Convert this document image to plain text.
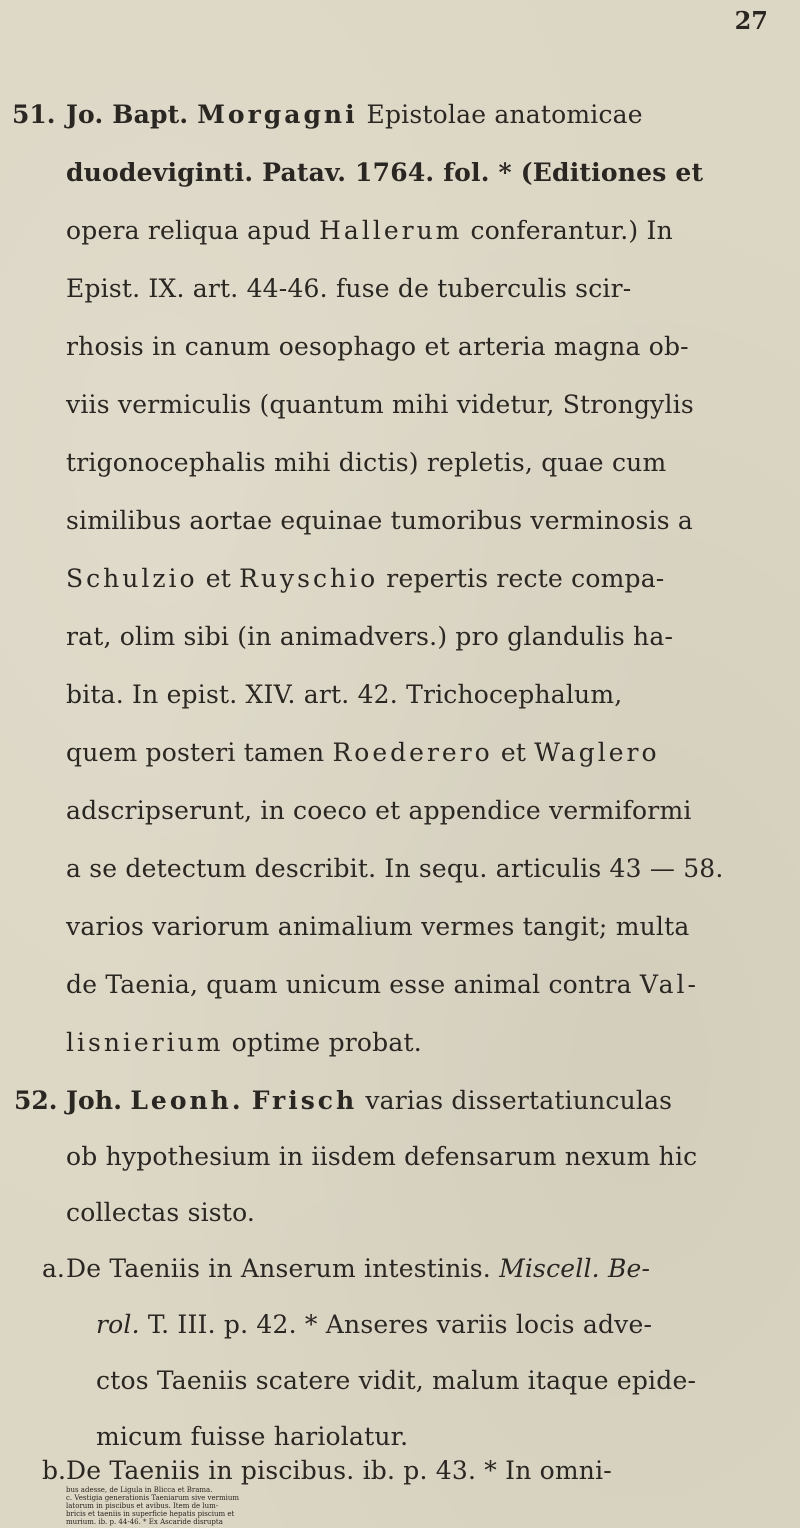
27
51. Jo. Bapt. Morgagni Epistolae anatomicae
duodeviginti. Patav. 1764. fol. * (Editiones et
opera reliqua apud Hallerum conferantur.) In
Epist. IX. art. 44-46. fuse de tuberculis scir-
rhosis in canum oesophago et arteria magna ob-
viis vermiculis (quantum mihi videtur, Strongylis
trigonocephalis mihi dictis) repletis, quae cum
similibus aortae equinae tumoribus verminosis a
Schulzio et Ruyschio repertis recte compa-
rat, olim sibi (in animadvers.) pro glandulis ha-
bita. In epist. XIV. art. 42. Trichocephalum,
quem posteri tamen Roederero et Waglero
adscripserunt, in coeco et appendice vermiformi
a se detectum describit. In sequ. articulis 43 — 58.
varios variorum animalium vermes tangit; multa
de Taenia, quam unicum esse animal contra Val-
lisnierium optime probat.
52. Joh. Leonh. Frisch varias dissertatiunculas
ob hypothesium in iisdem defensarum nexum hic
collectas sisto.
a. De Taeniis in Anserum intestinis. Miscell. Be-
rol. T. III. p. 42. * Anseres variis locis adve-
ctos Taeniis scatere vidit, malum itaque epide-
micum fuisse hariolatur.
b. De Taeniis in piscibus. ib. p. 43. * In omni-
bus adesse, de Ligula in Blicca et Brama.
c. Vestigia generationis Taeniarum sive vermium
latorum in piscibus et avibus. Item de lum-
bricis et taeniis in superficie hepatis piscium et
murium. ib. p. 44-46. * Ex Ascaride disrupta
